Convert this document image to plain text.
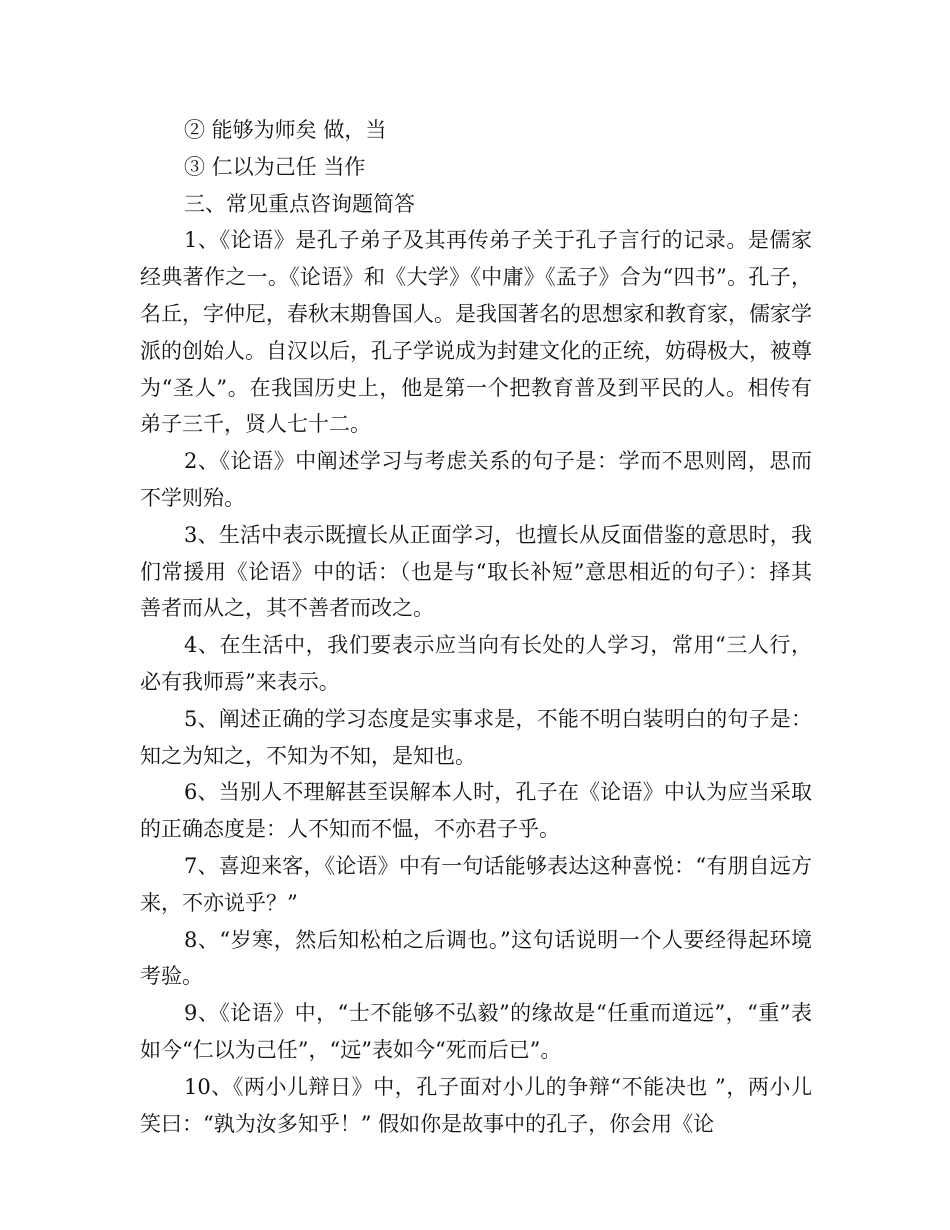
② 能够为师矣 做，当

③ 仁以为己任 当作

三、常见重点咨询题简答

1、《论语》是孔子弟子及其再传弟子关于孔子言行的记录。是儒家经典著作之一。《论语》和《大学》《中庸》《孟子》合为“四书”。孔子，名丘，字仲尼，春秋末期鲁国人。是我国著名的思想家和教育家，儒家学派的创始人。自汉以后，孔子学说成为封建文化的正统，妨碍极大，被尊为“圣人”。在我国历史上，他是第一个把教育普及到平民的人。相传有弟子三千，贤人七十二。

2、《论语》中阐述学习与考虑关系的句子是：学而不思则罔，思而不学则殆。

3、生活中表示既擅长从正面学习，也擅长从反面借鉴的意思时，我们常援用《论语》中的话：（也是与“取长补短”意思相近的句子）：择其善者而从之，其不善者而改之。

4、在生活中，我们要表示应当向有长处的人学习，常用“三人行，必有我师焉”来表示。

5、阐述正确的学习态度是实事求是，不能不明白装明白的句子是：知之为知之，不知为不知，是知也。

6、当别人不理解甚至误解本人时，孔子在《论语》中认为应当采取的正确态度是：人不知而不愠，不亦君子乎。

7、喜迎来客，《论语》中有一句话能够表达这种喜悦：“有朋自远方来，不亦说乎？”

8、“岁寒，然后知松柏之后调也。”这句话说明一个人要经得起环境考验。

9、《论语》中，“士不能够不弘毅”的缘故是“任重而道远”，“重”表如今“仁以为己任”，“远”表如今“死而后已”。

10、《两小儿辩日》中，孔子面对小儿的争辩“不能决也 ”，两小儿笑曰：“孰为汝多知乎！” 假如你是故事中的孔子，你会用《论
